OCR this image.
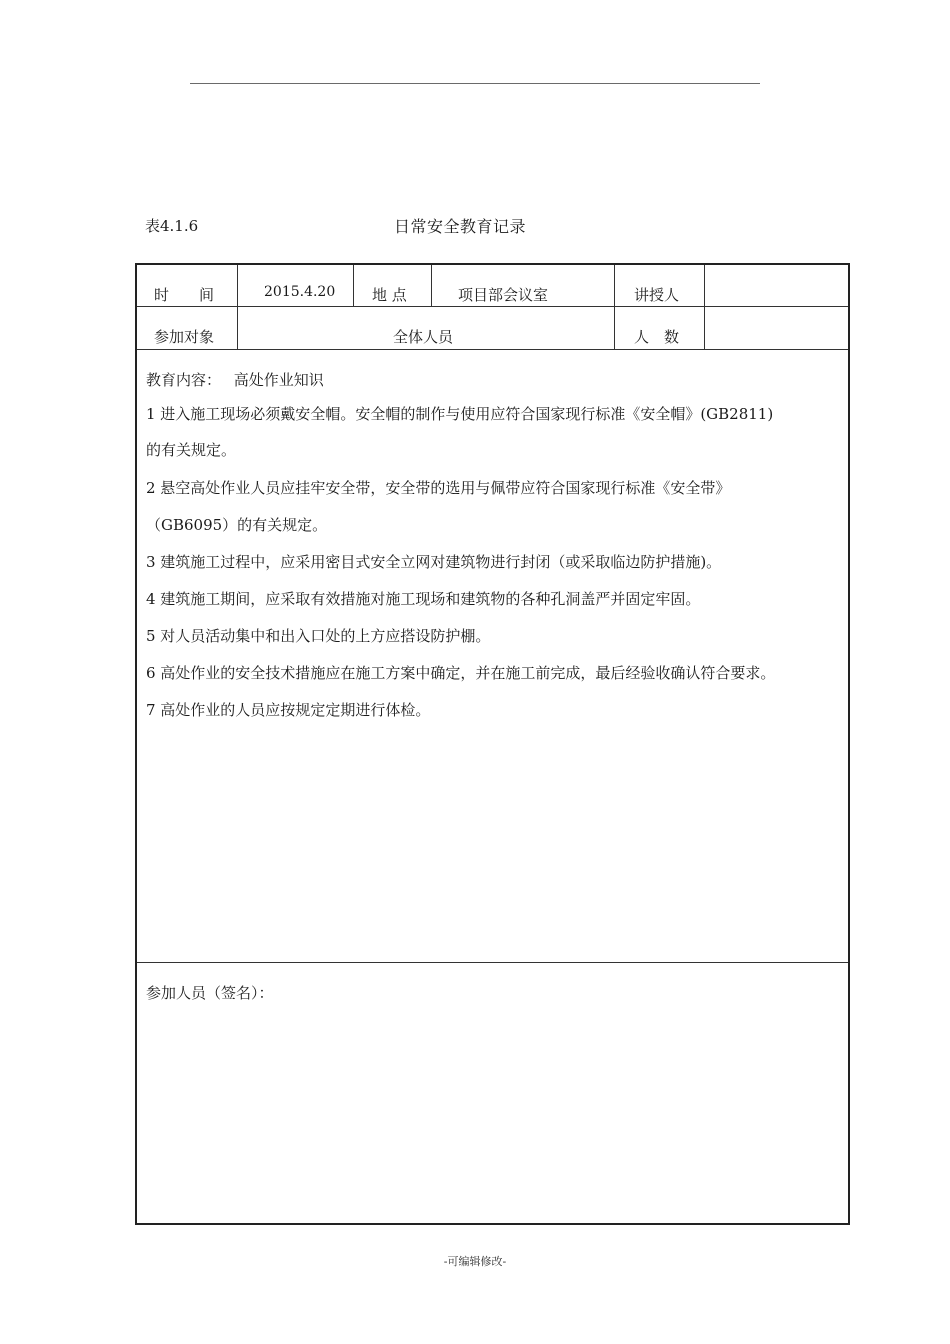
表4.1.6	日常安全教育记录
时　　间	2015.4.20 地 点	项目部会议室	讲授人
参加对象	全体人员	人　数
教育内容： 高处作业知识
1 进入施工现场必须戴安全帽。安全帽的制作与使用应符合国家现行标准《安全帽》(GB2811)
的有关规定。
2 悬空高处作业人员应挂牢安全带，安全带的选用与佩带应符合国家现行标准《安全带》
（GB6095）的有关规定。
3 建筑施工过程中，应采用密目式安全立网对建筑物进行封闭（或采取临边防护措施)。
4 建筑施工期间，应采取有效措施对施工现场和建筑物的各种孔洞盖严并固定牢固。
5 对人员活动集中和出入口处的上方应搭设防护棚。
6 高处作业的安全技术措施应在施工方案中确定，并在施工前完成，最后经验收确认符合要求。
7 高处作业的人员应按规定定期进行体检。
参加人员（签名）：
-可编辑修改-
